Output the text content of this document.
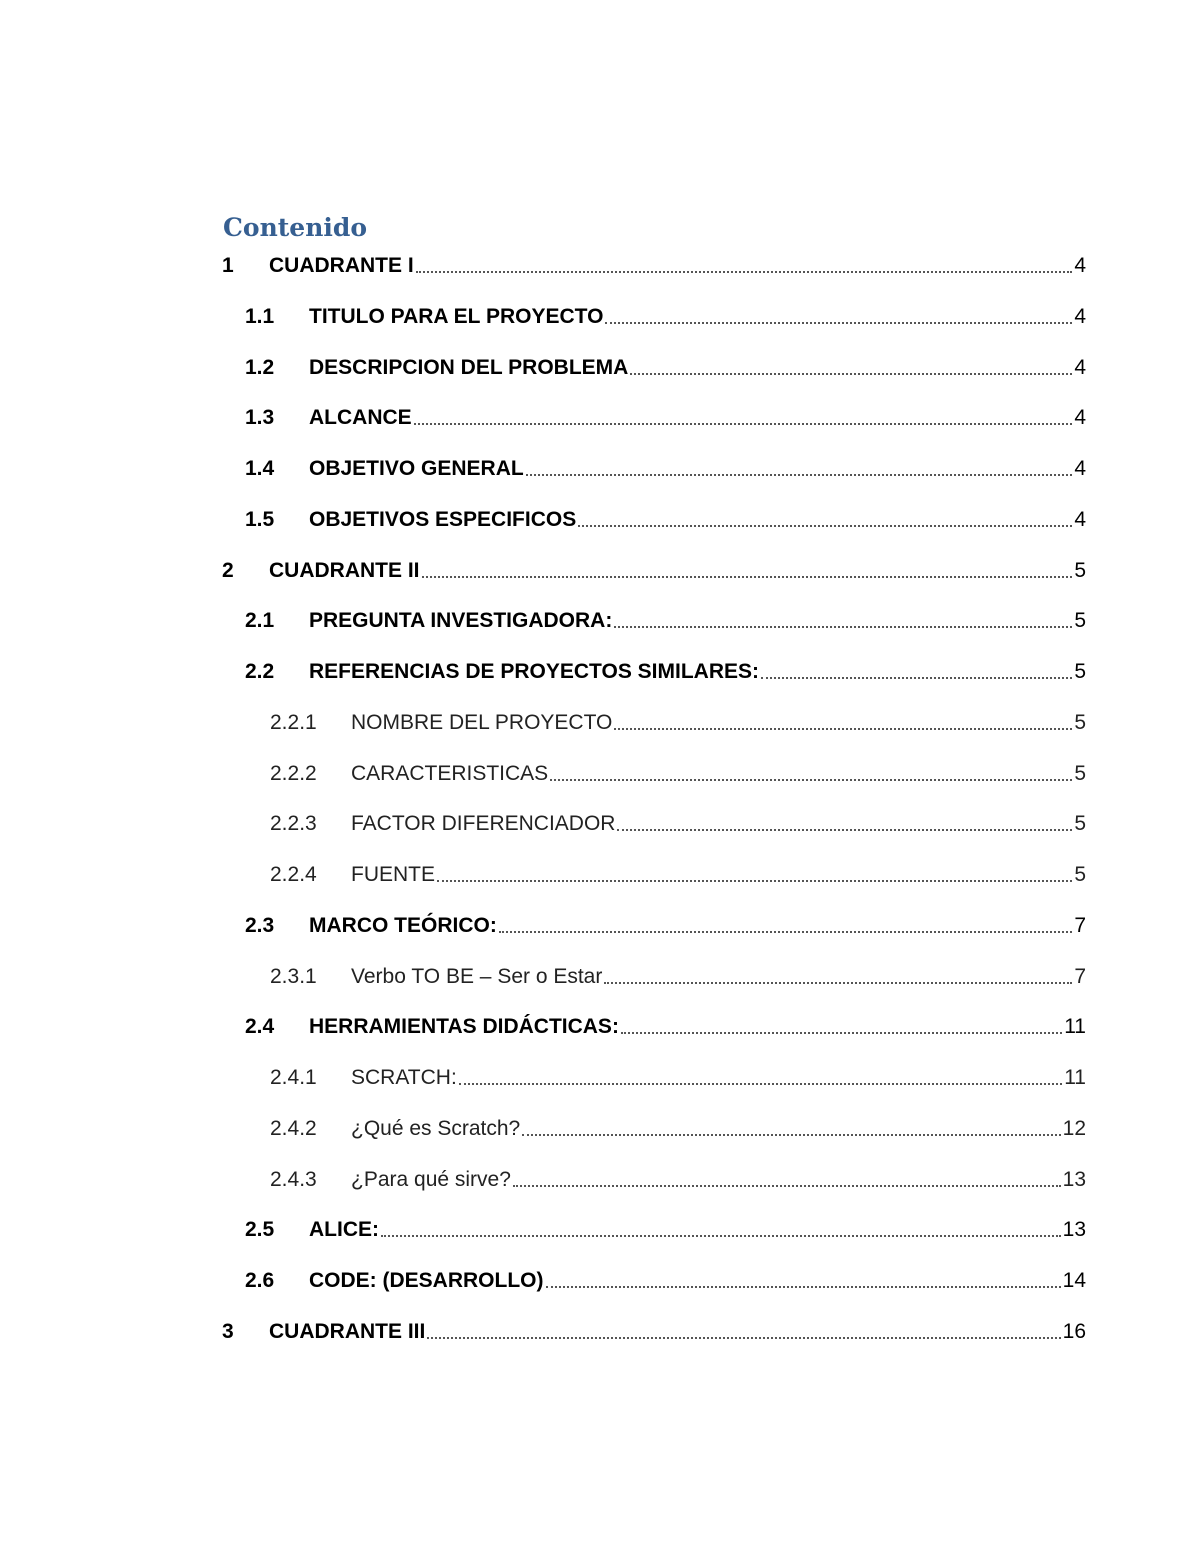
Contenido
1	CUADRANTE I	4
1.1	TITULO PARA EL PROYECTO	4
1.2	DESCRIPCION DEL PROBLEMA	4
1.3	ALCANCE	4
1.4	OBJETIVO GENERAL	4
1.5	OBJETIVOS ESPECIFICOS	4
2	CUADRANTE II	5
2.1	PREGUNTA INVESTIGADORA:	5
2.2	REFERENCIAS DE PROYECTOS SIMILARES:	5
2.2.1	NOMBRE DEL PROYECTO	5
2.2.2	CARACTERISTICAS	5
2.2.3	FACTOR DIFERENCIADOR	5
2.2.4	FUENTE	5
2.3	MARCO TEÓRICO:	7
2.3.1	Verbo TO BE – Ser o Estar	7
2.4	HERRAMIENTAS DIDÁCTICAS:	11
2.4.1	SCRATCH:	11
2.4.2	¿Qué es Scratch?	12
2.4.3	¿Para qué sirve?	13
2.5	ALICE:	13
2.6	CODE: (DESARROLLO)	14
3	CUADRANTE III	16
